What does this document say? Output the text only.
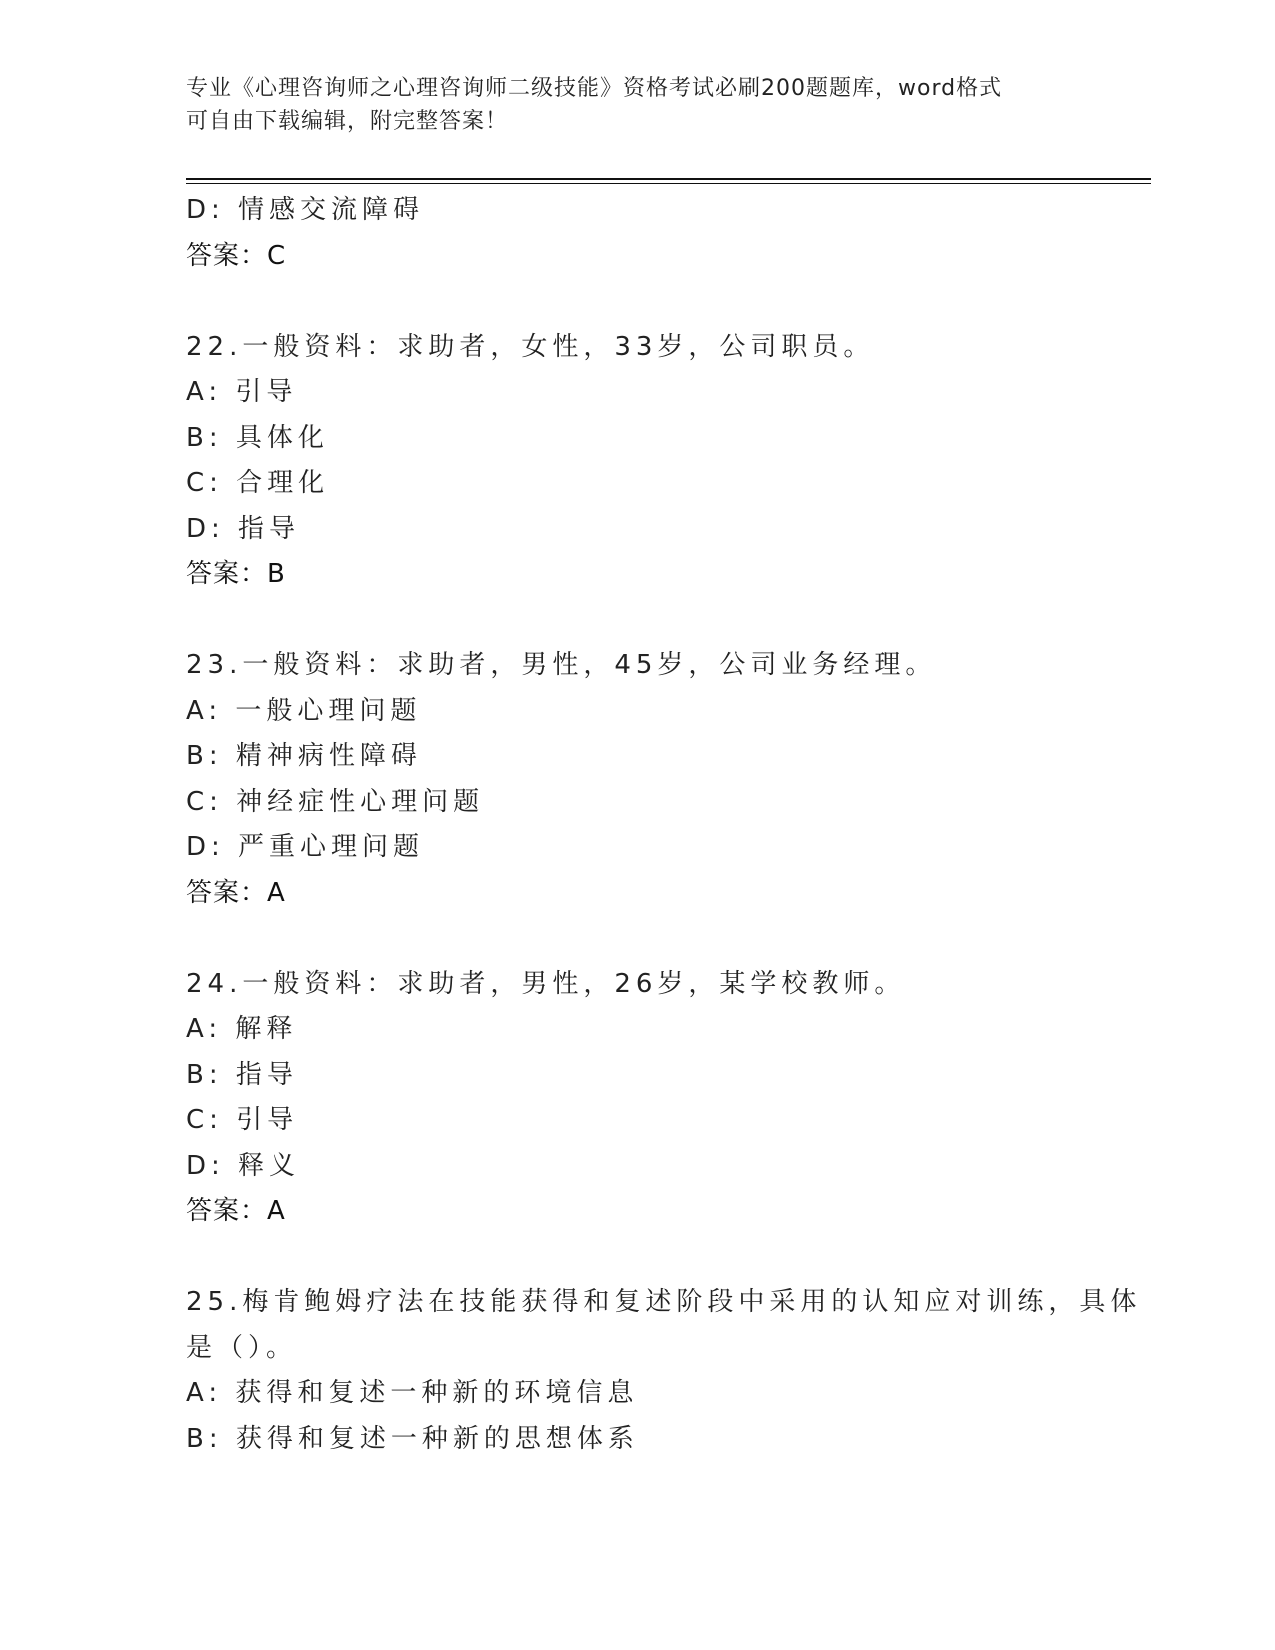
专业《心理咨询师之心理咨询师二级技能》资格考试必刷200题题库，word格式
可自由下载编辑，附完整答案！
D: 情感交流障碍
答案：C
22.一般资料：求助者，女性，33岁，公司职员。
A: 引导
B: 具体化
C: 合理化
D: 指导
答案：B
23.一般资料：求助者，男性，45岁，公司业务经理。
A: 一般心理问题
B: 精神病性障碍
C: 神经症性心理问题
D: 严重心理问题
答案：A
24.一般资料：求助者，男性，26岁，某学校教师。
A: 解释
B: 指导
C: 引导
D: 释义
答案：A
25.梅肯鲍姆疗法在技能获得和复述阶段中采用的认知应对训练，具体
是（）。
A: 获得和复述一种新的环境信息
B: 获得和复述一种新的思想体系
